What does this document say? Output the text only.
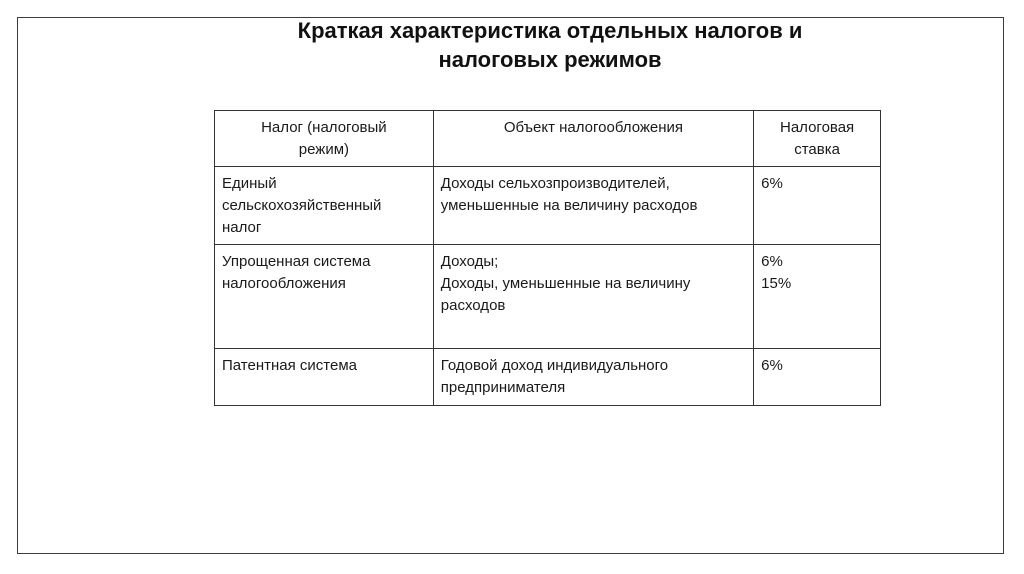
Краткая характеристика отдельных налогов и
налоговых режимов
Налог (налоговый
режим)	Объект налогообложения	Налоговая
ставка

Единый
сельскохозяйственный
налог	Доходы сельхозпроизводителей,
уменьшенные на величину расходов	6%

Упрощенная система
налогообложения	Доходы;
Доходы, уменьшенные на величину
расходов	6%
15%

Патентная система	Годовой доход индивидуального
предпринимателя	6%
